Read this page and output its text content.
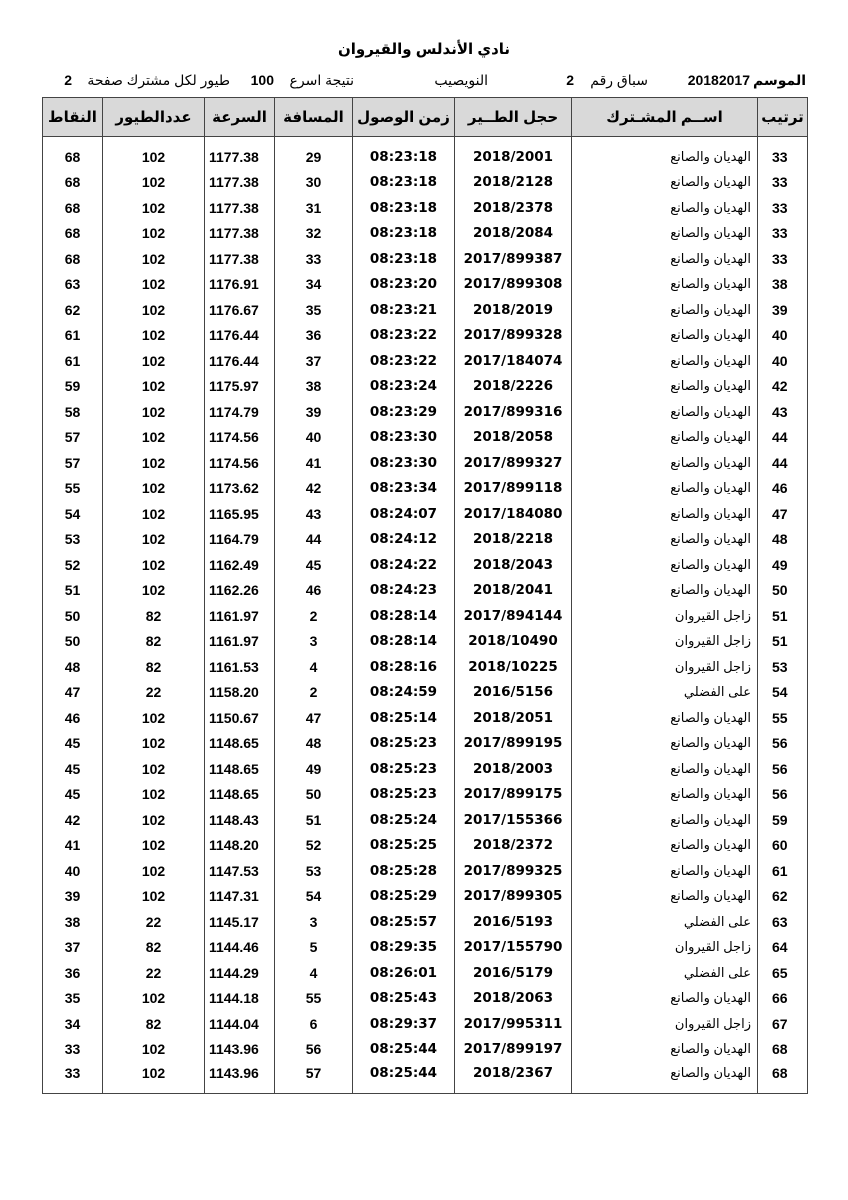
نادي الأندلس والقيروان
الموسم
20182017
سباق رقم
2
النويصيب
نتيجة اسرع
100
طيور لكل مشترك صفحة
2
النقاط	عددالطيور	السرعة	المسافة	زمن الوصول	حجل الطــير	اســم المشـترك	ترتيب

68	102	1177.38	29	08:23:18	2018/2001	الهديان والصانع	33
68	102	1177.38	30	08:23:18	2018/2128	الهديان والصانع	33
68	102	1177.38	31	08:23:18	2018/2378	الهديان والصانع	33
68	102	1177.38	32	08:23:18	2018/2084	الهديان والصانع	33
68	102	1177.38	33	08:23:18	2017/899387	الهديان والصانع	33
63	102	1176.91	34	08:23:20	2017/899308	الهديان والصانع	38
62	102	1176.67	35	08:23:21	2018/2019	الهديان والصانع	39
61	102	1176.44	36	08:23:22	2017/899328	الهديان والصانع	40
61	102	1176.44	37	08:23:22	2017/184074	الهديان والصانع	40
59	102	1175.97	38	08:23:24	2018/2226	الهديان والصانع	42
58	102	1174.79	39	08:23:29	2017/899316	الهديان والصانع	43
57	102	1174.56	40	08:23:30	2018/2058	الهديان والصانع	44
57	102	1174.56	41	08:23:30	2017/899327	الهديان والصانع	44
55	102	1173.62	42	08:23:34	2017/899118	الهديان والصانع	46
54	102	1165.95	43	08:24:07	2017/184080	الهديان والصانع	47
53	102	1164.79	44	08:24:12	2018/2218	الهديان والصانع	48
52	102	1162.49	45	08:24:22	2018/2043	الهديان والصانع	49
51	102	1162.26	46	08:24:23	2018/2041	الهديان والصانع	50
50	82	1161.97	2	08:28:14	2017/894144	زاجل القيروان	51
50	82	1161.97	3	08:28:14	2018/10490	زاجل القيروان	51
48	82	1161.53	4	08:28:16	2018/10225	زاجل القيروان	53
47	22	1158.20	2	08:24:59	2016/5156	على الفضلي	54
46	102	1150.67	47	08:25:14	2018/2051	الهديان والصانع	55
45	102	1148.65	48	08:25:23	2017/899195	الهديان والصانع	56
45	102	1148.65	49	08:25:23	2018/2003	الهديان والصانع	56
45	102	1148.65	50	08:25:23	2017/899175	الهديان والصانع	56
42	102	1148.43	51	08:25:24	2017/155366	الهديان والصانع	59
41	102	1148.20	52	08:25:25	2018/2372	الهديان والصانع	60
40	102	1147.53	53	08:25:28	2017/899325	الهديان والصانع	61
39	102	1147.31	54	08:25:29	2017/899305	الهديان والصانع	62
38	22	1145.17	3	08:25:57	2016/5193	على الفضلي	63
37	82	1144.46	5	08:29:35	2017/155790	زاجل القيروان	64
36	22	1144.29	4	08:26:01	2016/5179	على الفضلي	65
35	102	1144.18	55	08:25:43	2018/2063	الهديان والصانع	66
34	82	1144.04	6	08:29:37	2017/995311	زاجل القيروان	67
33	102	1143.96	56	08:25:44	2017/899197	الهديان والصانع	68
33	102	1143.96	57	08:25:44	2018/2367	الهديان والصانع	68
